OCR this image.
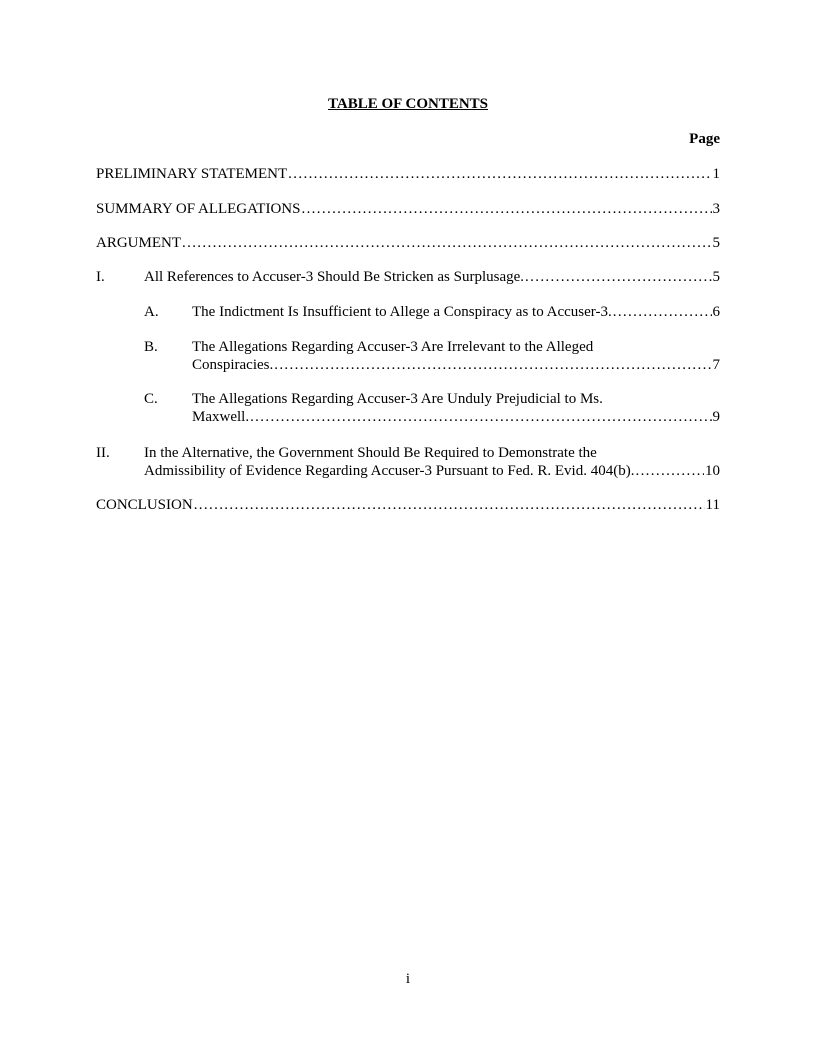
TABLE OF CONTENTS
Page
PRELIMINARY STATEMENT . . .	1
SUMMARY OF ALLEGATIONS . . .	3
ARGUMENT . . .	5
I.	All References to Accuser-3 Should Be Stricken as Surplusage. . . .	5
A. The Indictment Is Insufficient to Allege a Conspiracy as to Accuser-3. . . .	6
B. The Allegations Regarding Accuser-3 Are Irrelevant to the Alleged
Conspiracies. . . .	7
C. The Allegations Regarding Accuser-3 Are Unduly Prejudicial to Ms.
Maxwell. . . .	9
II. In the Alternative, the Government Should Be Required to Demonstrate the
Admissibility of Evidence Regarding Accuser-3 Pursuant to Fed. R. Evid. 404(b). . . .	10
CONCLUSION . . .	11
i
